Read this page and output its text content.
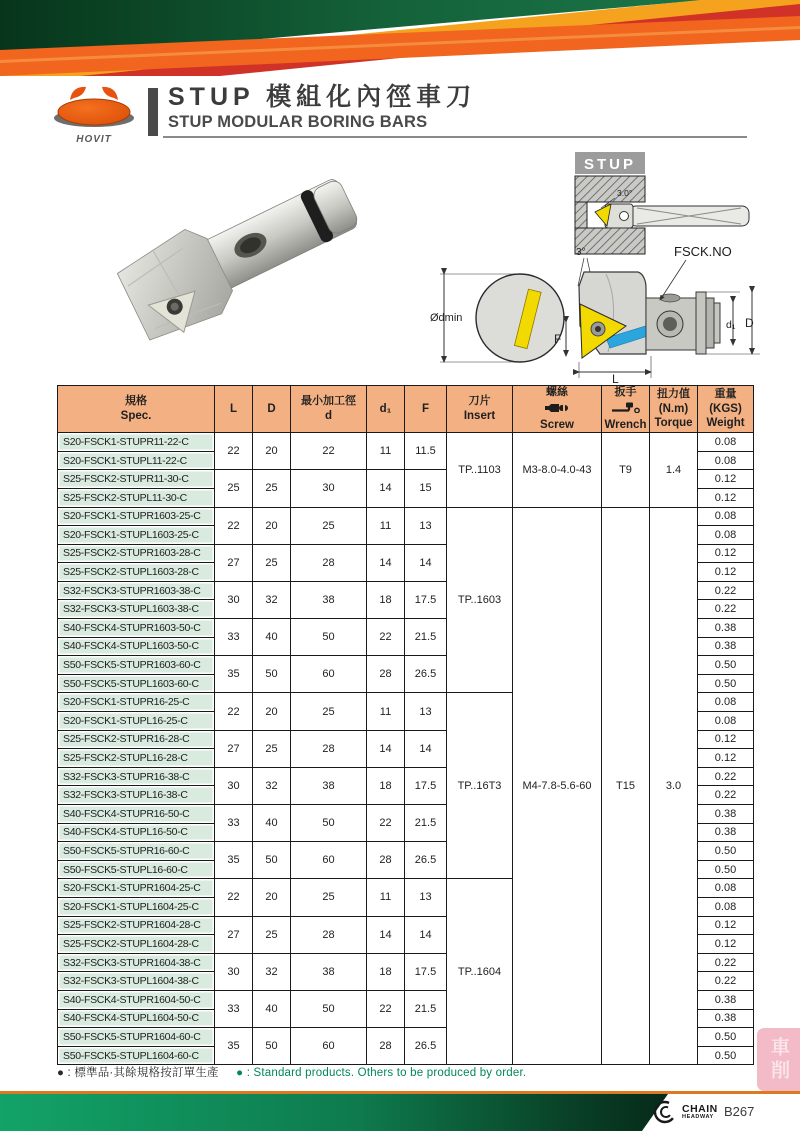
HOVIT
STUP 模組化內徑車刀
STUP MODULAR BORING BARS
STUP
3.0°
Ødmin
3°
F
L
d₁ D
FSCK.NO
規格
Spec.
	L	D	
最小加工徑
d
	d₁	F	
刀片
Insert

螺絲
Screw

扳手
Wrench

扭力值
(N.m)
Torque

重量
(KGS)
Weight

S20-FSCK1-STUPR11-22-C	22	20	22	11	11.5	TP..1103	M3-8.0-4.0-43	T9	1.4	0.08
S20-FSCK1-STUPL11-22-C										0.08

S25-FSCK2-STUPR11-30-C	25	25	30	14	15					0.12
S25-FSCK2-STUPL11-30-C										0.12

S20-FSCK1-STUPR1603-25-C	22	20	25	11	13	TP..1603	M4-7.8-5.6-60	T15	3.0	0.08
S20-FSCK1-STUPL1603-25-C										0.08

S25-FSCK2-STUPR1603-28-C	27	25	28	14	14					0.12
S25-FSCK2-STUPL1603-28-C										0.12
S32-FSCK3-STUPR1603-38-C	30	32	38	18	17.5					0.22
S32-FSCK3-STUPL1603-38-C										0.22
S40-FSCK4-STUPR1603-50-C	33	40	50	22	21.5					0.38
S40-FSCK4-STUPL1603-50-C										0.38
S50-FSCK5-STUPR1603-60-C	35	50	60	28	26.5					0.50
S50-FSCK5-STUPL1603-60-C										0.50
S20-FSCK1-STUPR16-25-C	22	20	25	11	13	TP..16T3				0.08
S20-FSCK1-STUPL16-25-C										0.08

S25-FSCK2-STUPR16-28-C	27	25	28	14	14					0.12
S25-FSCK2-STUPL16-28-C										0.12
S32-FSCK3-STUPR16-38-C	30	32	38	18	17.5					0.22
S32-FSCK3-STUPL16-38-C										0.22
S40-FSCK4-STUPR16-50-C	33	40	50	22	21.5					0.38
S40-FSCK4-STUPL16-50-C										0.38
S50-FSCK5-STUPR16-60-C	35	50	60	28	26.5					0.50
S50-FSCK5-STUPL16-60-C										0.50

S20-FSCK1-STUPR1604-25-C	22	20	25	11	13	TP..1604				0.08
S20-FSCK1-STUPL1604-25-C										0.08

S25-FSCK2-STUPR1604-28-C	27	25	28	14	14					0.12
S25-FSCK2-STUPL1604-28-C										0.12
S32-FSCK3-STUPR1604-38-C	30	32	38	18	17.5					0.22
S32-FSCK3-STUPL1604-38-C										0.22
S40-FSCK4-STUPR1604-50-C	33	40	50	22	21.5					0.38
S40-FSCK4-STUPL1604-50-C										0.38
S50-FSCK5-STUPR1604-60-C	35	50	60	28	26.5					0.50
S50-FSCK5-STUPL1604-60-C										0.50
● : 標準品·其餘規格按訂單生產 ● : Standard products. Others to be produced by order.	車削
CHAIN
HEADWAY B267
